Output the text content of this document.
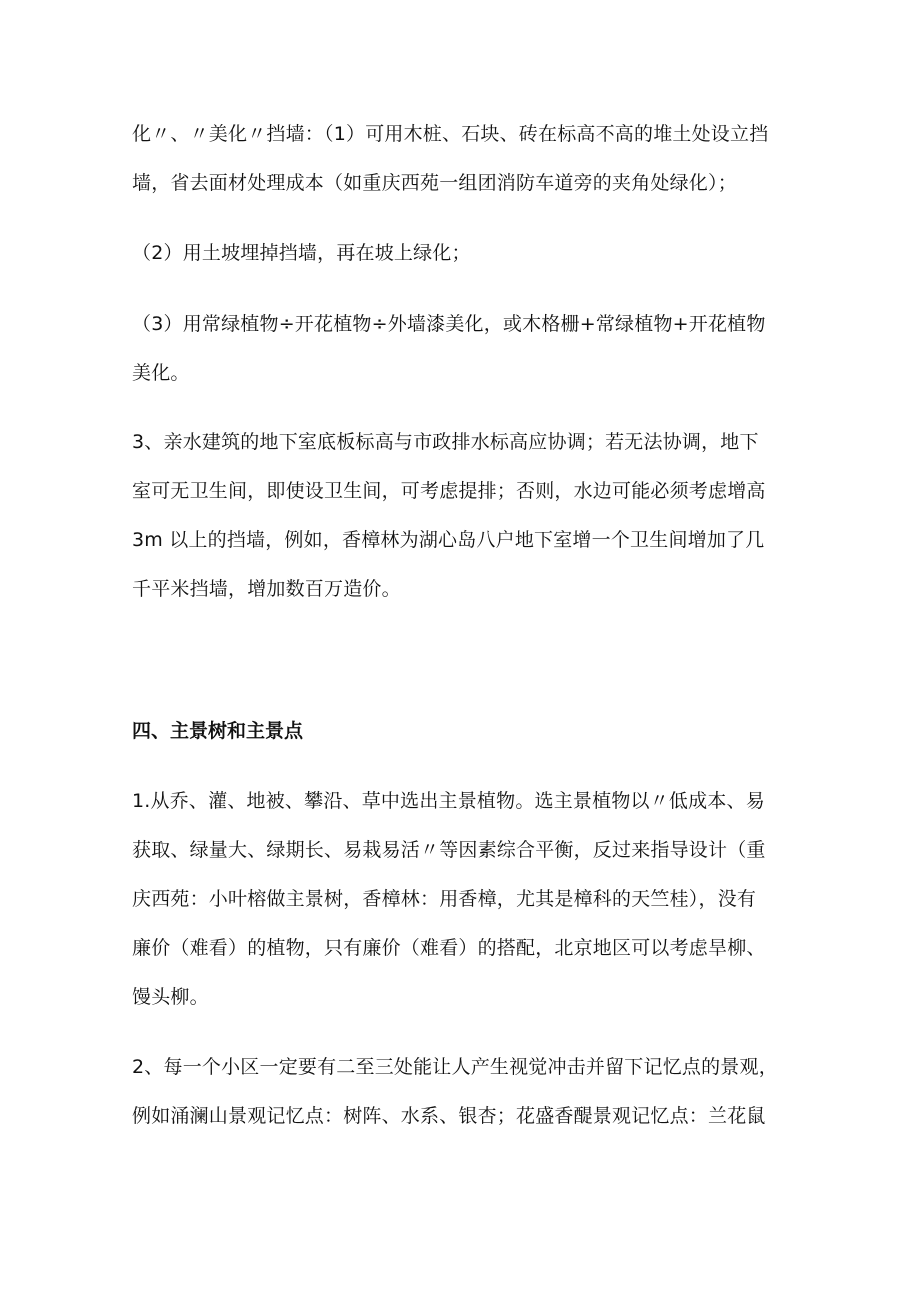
化〃、〃美化〃挡墙：（1）可用木桩、石块、砖在标高不高的堆土处设立挡
墙，省去面材处理成本（如重庆西苑一组团消防车道旁的夹角处绿化）；
（2）用土坡埋掉挡墙，再在坡上绿化；
（3）用常绿植物÷开花植物÷外墙漆美化，或木格栅+常绿植物+开花植物
美化。
3、亲水建筑的地下室底板标高与市政排水标高应协调；若无法协调，地下
室可无卫生间，即使设卫生间，可考虑提排；否则，水边可能必须考虑增高
3m 以上的挡墙，例如，香樟林为湖心岛八户地下室增一个卫生间增加了几
千平米挡墙，增加数百万造价。
四、主景树和主景点
1.从乔、灌、地被、攀沿、草中选出主景植物。选主景植物以〃低成本、易
获取、绿量大、绿期长、易栽易活〃等因素综合平衡，反过来指导设计（重
庆西苑：小叶榕做主景树，香樟林：用香樟，尤其是樟科的天竺桂），没有
廉价（难看）的植物，只有廉价（难看）的搭配，北京地区可以考虑旱柳、
馒头柳。
2、每一个小区一定要有二至三处能让人产生视觉冲击并留下记忆点的景观，
例如涌澜山景观记忆点：树阵、水系、银杏；花盛香醍景观记忆点：兰花鼠
